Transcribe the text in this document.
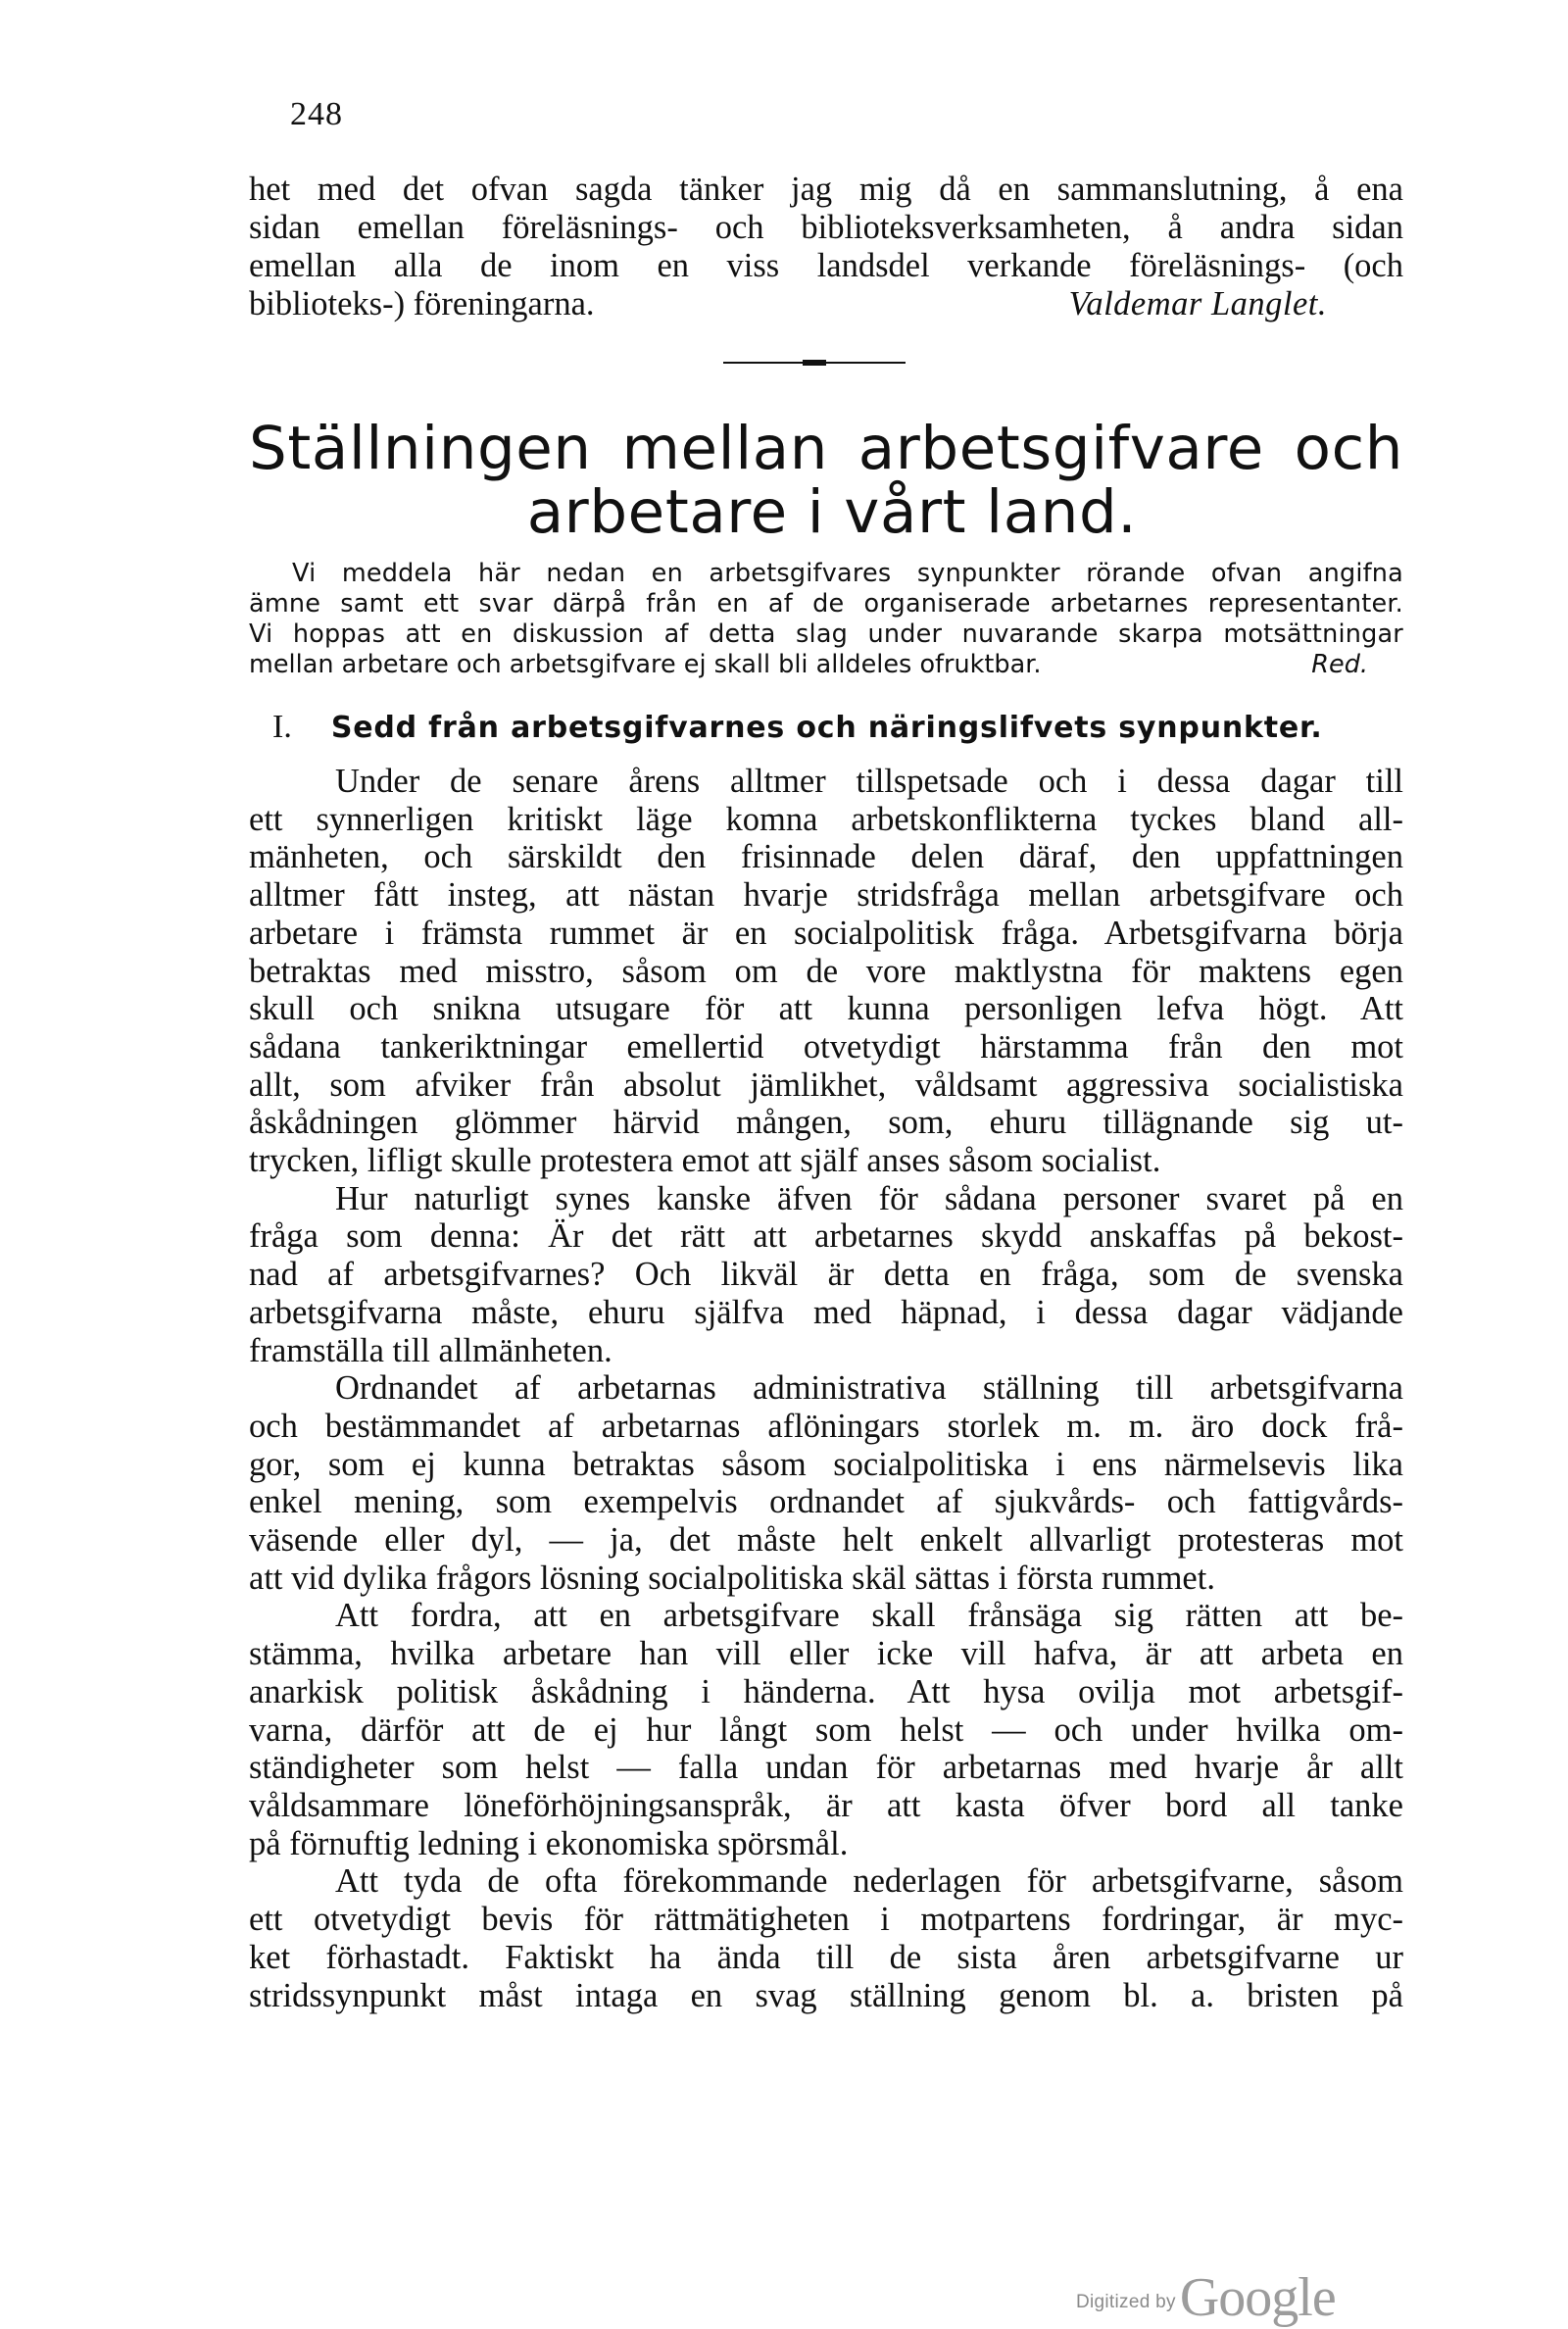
248

het med det ofvan sagda tänker jag mig då en sammanslutning, å ena

sidan emellan föreläsnings- och biblioteksverksamheten, å andra sidan

emellan alla de inom en viss landsdel verkande föreläsnings- (och

biblioteks-) föreningarna.	Valdemar Langlet.
Ställningen mellan arbetsgifvare och
arbetare i vårt land.

Vi meddela här nedan en arbetsgifvares synpunkter rörande ofvan angifna

ämne samt ett svar därpå från en af de organiserade arbetarnes representanter.

Vi hoppas att en diskussion af detta slag under nuvarande skarpa motsättningar

mellan arbetare och arbetsgifvare ej skall bli alldeles ofruktbar.	Red.
I. Sedd från arbetsgifvarnes och näringslifvets synpunkter.

Under de senare årens alltmer tillspetsade och i dessa dagar till

ett synnerligen kritiskt läge komna arbetskonflikterna tyckes bland all-

mänheten, och särskildt den frisinnade delen däraf, den uppfattningen

alltmer fått insteg, att nästan hvarje stridsfråga mellan arbetsgifvare och

arbetare i främsta rummet är en socialpolitisk fråga. Arbetsgifvarna börja

betraktas med misstro, såsom om de vore maktlystna för maktens egen

skull och snikna utsugare för att kunna personligen lefva högt. Att

sådana tankeriktningar emellertid otvetydigt härstamma från den mot

allt, som afviker från absolut jämlikhet, våldsamt aggressiva socialistiska

åskådningen glömmer härvid mången, som, ehuru tillägnande sig ut-

trycken, lifligt skulle protestera emot att själf anses såsom socialist.

Hur naturligt synes kanske äfven för sådana personer svaret på en

fråga som denna: Är det rätt att arbetarnes skydd anskaffas på bekost-

nad af arbetsgifvarnes? Och likväl är detta en fråga, som de svenska

arbetsgifvarna måste, ehuru själfva med häpnad, i dessa dagar vädjande

framställa till allmänheten.

Ordnandet af arbetarnas administrativa ställning till arbetsgifvarna

och bestämmandet af arbetarnas aflöningars storlek m. m. äro dock frå-

gor, som ej kunna betraktas såsom socialpolitiska i ens närmelsevis lika

enkel mening, som exempelvis ordnandet af sjukvårds- och fattigvårds-

väsende eller dyl, — ja, det måste helt enkelt allvarligt protesteras mot

att vid dylika frågors lösning socialpolitiska skäl sättas i första rummet.

Att fordra, att en arbetsgifvare skall frånsäga sig rätten att be-

stämma, hvilka arbetare han vill eller icke vill hafva, är att arbeta en

anarkisk politisk åskådning i händerna. Att hysa ovilja mot arbetsgif-

varna, därför att de ej hur långt som helst — och under hvilka om-

ständigheter som helst — falla undan för arbetarnas med hvarje år allt

våldsammare löneförhöjningsanspråk, är att kasta öfver bord all tanke

på förnuftig ledning i ekonomiska spörsmål.

Att tyda de ofta förekommande nederlagen för arbetsgifvarne, såsom

ett otvetydigt bevis för rättmätigheten i motpartens fordringar, är myc-

ket förhastadt. Faktiskt ha ända till de sista åren arbetsgifvarne ur

stridssynpunkt måst intaga en svag ställning genom bl. a. bristen på

Digitized by Google
